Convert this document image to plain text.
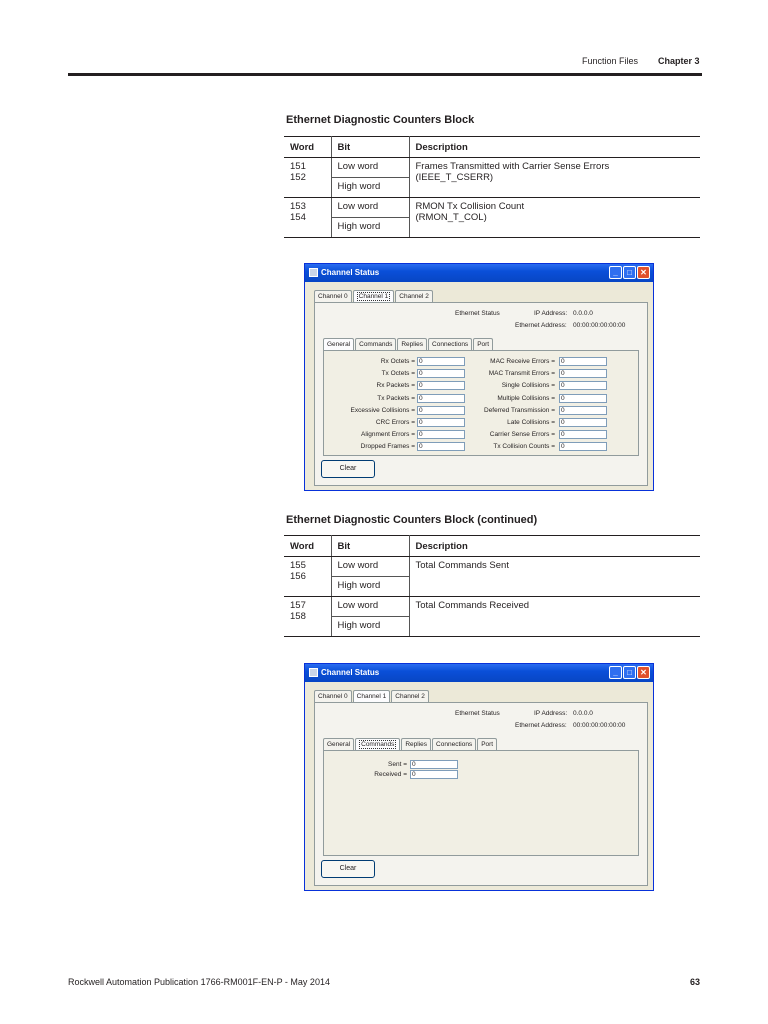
Function Files Chapter 3
Ethernet Diagnostic Counters Block
Word	Bit	Description
151
152	Low word	Frames Transmitted with Carrier Sense Errors
(IEEE_T_CSERR)
	High word	
153
154	Low word	RMON Tx Collision Count
(RMON_T_COL)
	High word	
Channel Status	_	□	✕
Channel 0	Channel 1	Channel 2
Ethernet Status	IP Address: 0.0.0.0
Ethernet Address: 00:00:00:00:00:00
General	Commands	Replies	Connections	Port
Rx Octets = 0
Tx Octets = 0
Rx Packets = 0
Tx Packets = 0
Excessive Collisions = 0
CRC Errors = 0
Alignment Errors = 0
Dropped Frames = 0
MAC Receive Errors = 0
MAC Transmit Errors = 0
Single Collisions = 0
Multiple Collisions = 0
Deferred Transmission = 0
Late Collisions = 0
Carrier Sense Errors = 0
Tx Collision Counts = 0
Clear
Ethernet Diagnostic Counters Block (continued)
Word	Bit	Description
155
156	Low word	Total Commands Sent
	High word	
157
158	Low word	Total Commands Received
	High word	
Channel Status	_	□	✕
Channel 0	Channel 1	Channel 2
Ethernet Status	IP Address: 0.0.0.0
Ethernet Address: 00:00:00:00:00:00
General	Commands	Replies	Connections	Port
Sent = 0
Received = 0
Clear
Rockwell Automation Publication 1766-RM001F-EN-P - May 2014	63
